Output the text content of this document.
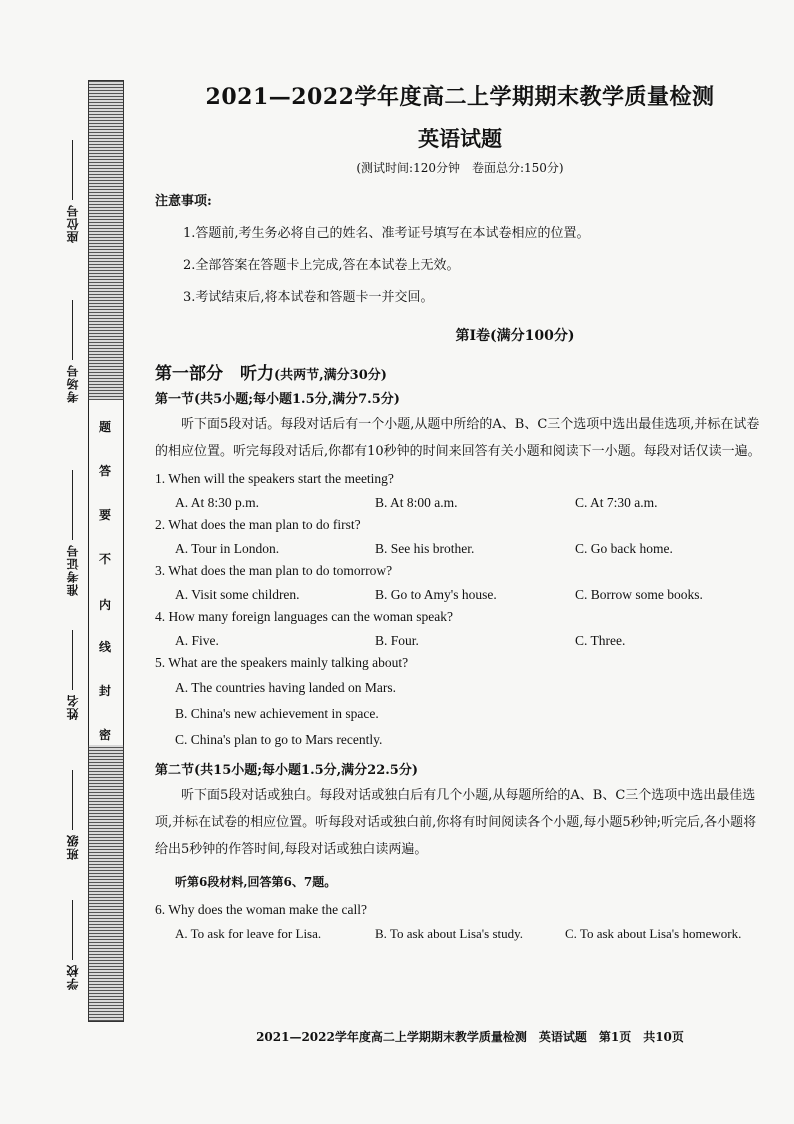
密
封
线
内
不
要
答
题
座位号
考场号
准考证号
姓名
班级
学校
2021—2022学年度高二上学期期末教学质量检测
英语试题
(测试时间:120分钟　卷面总分:150分)
注意事项:
1.答题前,考生务必将自己的姓名、准考证号填写在本试卷相应的位置。
2.全部答案在答题卡上完成,答在本试卷上无效。
3.考试结束后,将本试卷和答题卡一并交回。
第Ⅰ卷(满分100分)
第一部分　听力(共两节,满分30分)
第一节(共5小题;每小题1.5分,满分7.5分)
听下面5段对话。每段对话后有一个小题,从题中所给的A、B、C三个选项中选出最佳选项,并标在试卷的相应位置。听完每段对话后,你都有10秒钟的时间来回答有关小题和阅读下一小题。每段对话仅读一遍。
1. When will the speakers start the meeting?
A. At 8:30 p.m.	B. At 8:00 a.m.	C. At 7:30 a.m.
2. What does the man plan to do first?
A. Tour in London.	B. See his brother.	C. Go back home.
3. What does the man plan to do tomorrow?
A. Visit some children.	B. Go to Amy's house.	C. Borrow some books.
4. How many foreign languages can the woman speak?
A. Five.	B. Four.	C. Three.
5. What are the speakers mainly talking about?
A. The countries having landed on Mars.
B. China's new achievement in space.
C. China's plan to go to Mars recently.
第二节(共15小题;每小题1.5分,满分22.5分)
听下面5段对话或独白。每段对话或独白后有几个小题,从每题所给的A、B、C三个选项中选出最佳选项,并标在试卷的相应位置。听每段对话或独白前,你将有时间阅读各个小题,每小题5秒钟;听完后,各小题将给出5秒钟的作答时间,每段对话或独白读两遍。
听第6段材料,回答第6、7题。
6. Why does the woman make the call?
A. To ask for leave for Lisa.	B. To ask about Lisa's study.	C. To ask about Lisa's homework.
2021—2022学年度高二上学期期末教学质量检测　英语试题　第1页　共10页
